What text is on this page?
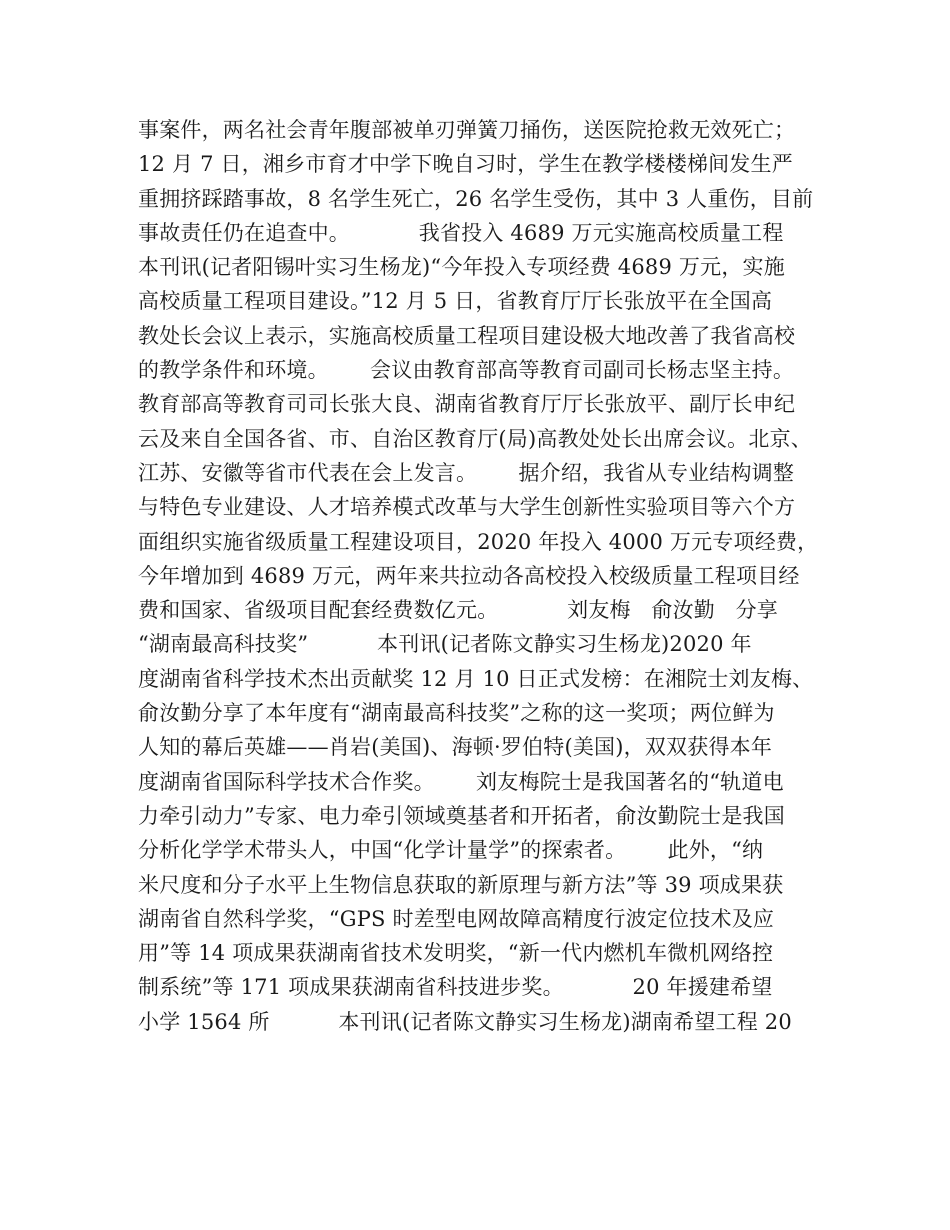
事案件，两名社会青年腹部被单刃弹簧刀捅伤，送医院抢救无效死亡；
12 月 7 日，湘乡市育才中学下晚自习时，学生在教学楼楼梯间发生严
重拥挤踩踏事故，8 名学生死亡，26 名学生受伤，其中 3 人重伤，目前
事故责任仍在追查中。          我省投入 4689 万元实施高校质量工程
本刊讯(记者阳锡叶实习生杨龙)“今年投入专项经费 4689 万元，实施
高校质量工程项目建设。”12 月 5 日，省教育厅厅长张放平在全国高
教处长会议上表示，实施高校质量工程项目建设极大地改善了我省高校
的教学条件和环境。      会议由教育部高等教育司副司长杨志坚主持。
教育部高等教育司司长张大良、湖南省教育厅厅长张放平、副厅长申纪
云及来自全国各省、市、自治区教育厅(局)高教处处长出席会议。北京、
江苏、安徽等省市代表在会上发言。      据介绍，我省从专业结构调整
与特色专业建设、人才培养模式改革与大学生创新性实验项目等六个方
面组织实施省级质量工程建设项目，2020 年投入 4000 万元专项经费，
今年增加到 4689 万元，两年来共拉动各高校投入校级质量工程项目经
费和国家、省级项目配套经费数亿元。          刘友梅   俞汝勤   分享
“湖南最高科技奖”          本刊讯(记者陈文静实习生杨龙)2020 年
度湖南省科学技术杰出贡献奖 12 月 10 日正式发榜：在湘院士刘友梅、
俞汝勤分享了本年度有“湖南最高科技奖”之称的这一奖项；两位鲜为
人知的幕后英雄——肖岩(美国)、海顿·罗伯特(美国)，双双获得本年
度湖南省国际科学技术合作奖。      刘友梅院士是我国著名的“轨道电
力牵引动力”专家、电力牵引领域奠基者和开拓者，俞汝勤院士是我国
分析化学学术带头人，中国“化学计量学”的探索者。      此外，“纳
米尺度和分子水平上生物信息获取的新原理与新方法”等 39 项成果获
湖南省自然科学奖，“GPS 时差型电网故障高精度行波定位技术及应
用”等 14 项成果获湖南省技术发明奖，“新一代内燃机车微机网络控
制系统”等 171 项成果获湖南省科技进步奖。          20 年援建希望
小学 1564 所          本刊讯(记者陈文静实习生杨龙)湖南希望工程 20
